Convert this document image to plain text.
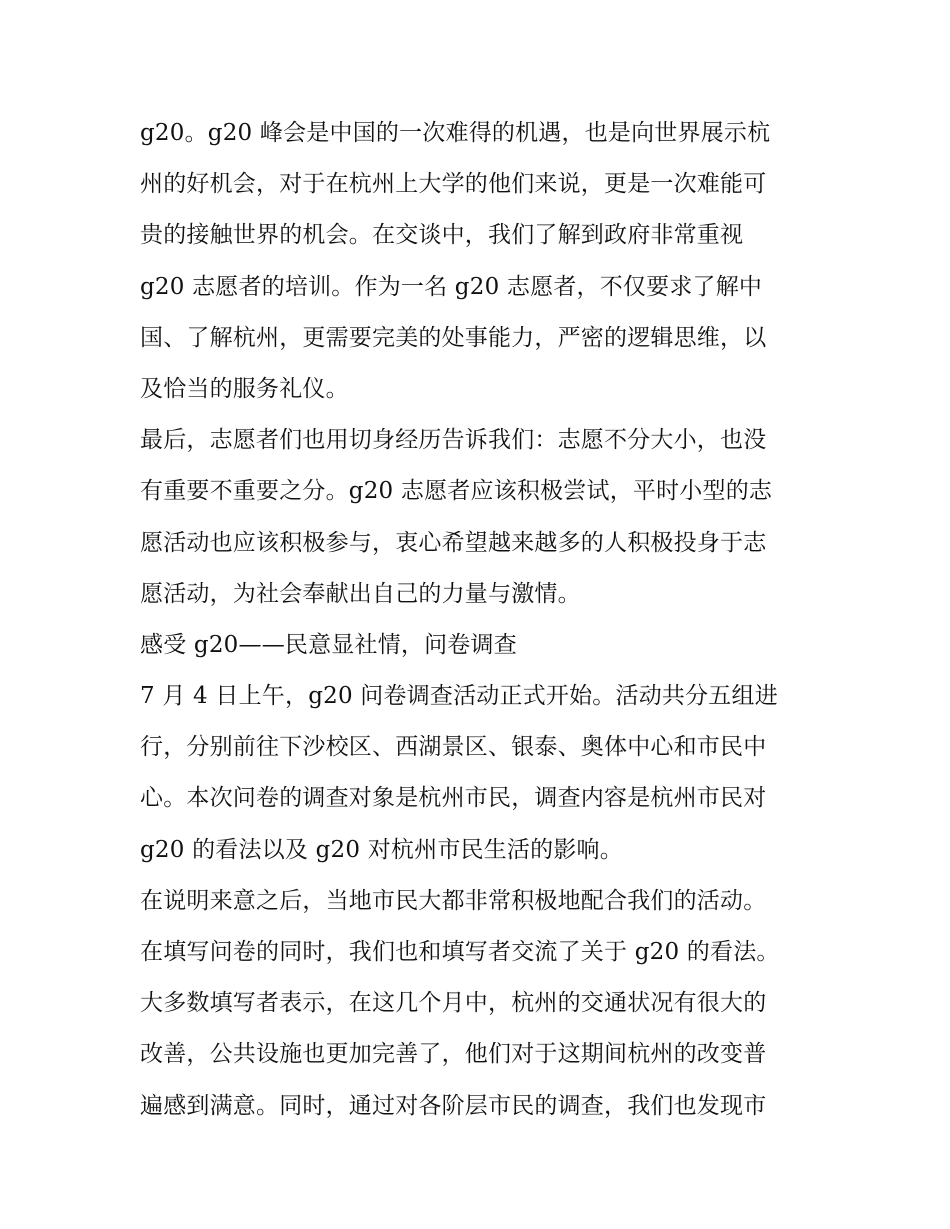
g20。g20 峰会是中国的一次难得的机遇，也是向世界展示杭
州的好机会，对于在杭州上大学的他们来说，更是一次难能可
贵的接触世界的机会。在交谈中，我们了解到政府非常重视
g20 志愿者的培训。作为一名 g20 志愿者，不仅要求了解中
国、了解杭州，更需要完美的处事能力，严密的逻辑思维，以
及恰当的服务礼仪。
最后，志愿者们也用切身经历告诉我们：志愿不分大小，也没
有重要不重要之分。g20 志愿者应该积极尝试，平时小型的志
愿活动也应该积极参与，衷心希望越来越多的人积极投身于志
愿活动，为社会奉献出自己的力量与激情。
感受 g20——民意显社情，问卷调查
7 月 4 日上午，g20 问卷调查活动正式开始。活动共分五组进
行，分别前往下沙校区、西湖景区、银泰、奥体中心和市民中
心。本次问卷的调查对象是杭州市民，调查内容是杭州市民对
g20 的看法以及 g20 对杭州市民生活的影响。
在说明来意之后，当地市民大都非常积极地配合我们的活动。
在填写问卷的同时，我们也和填写者交流了关于 g20 的看法。
大多数填写者表示，在这几个月中，杭州的交通状况有很大的
改善，公共设施也更加完善了，他们对于这期间杭州的改变普
遍感到满意。同时，通过对各阶层市民的调查，我们也发现市
